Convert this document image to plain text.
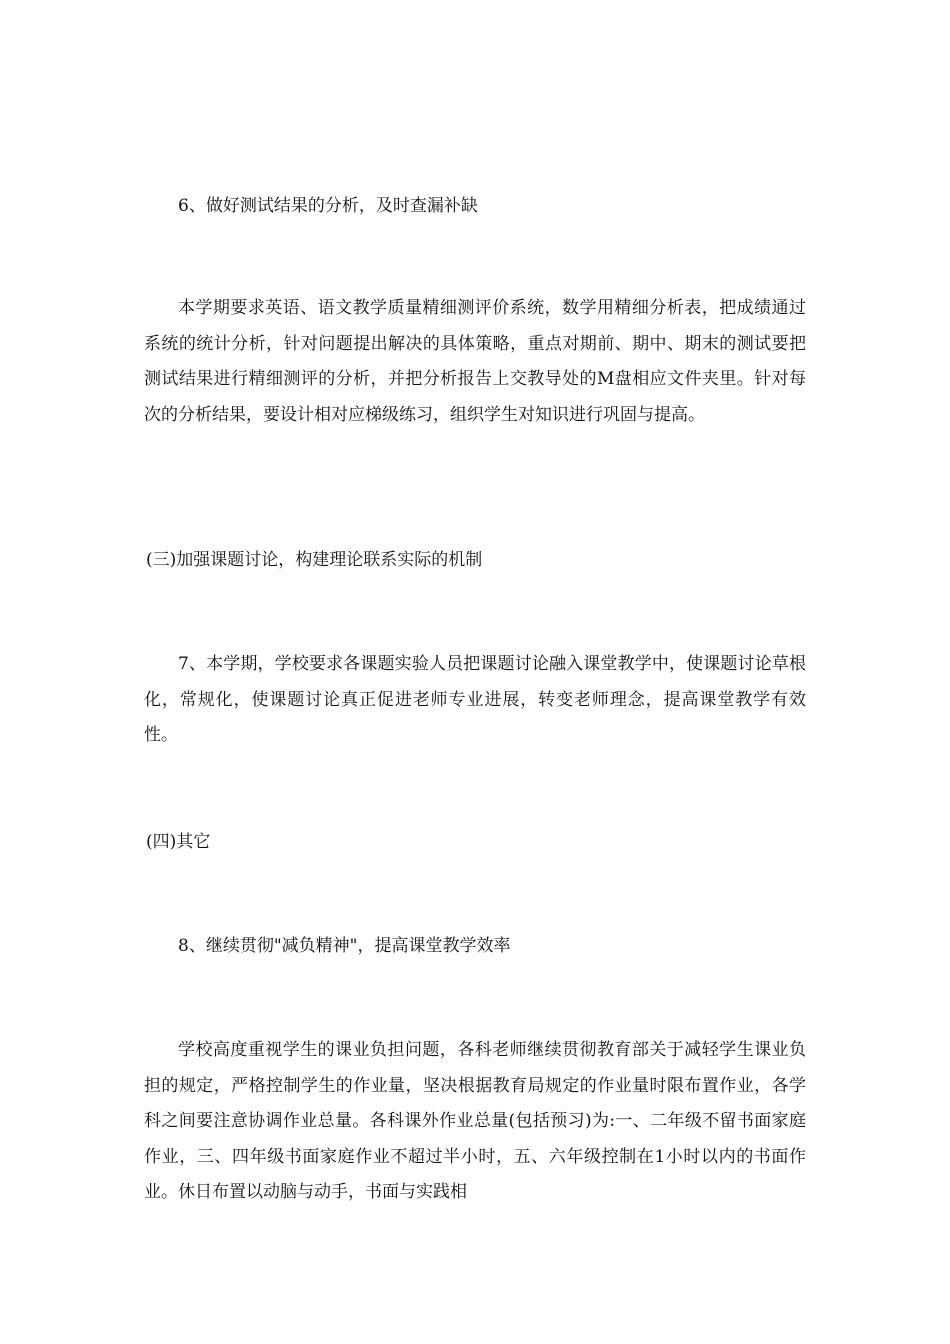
6、做好测试结果的分析，及时查漏补缺

本学期要求英语、语文教学质量精细测评价系统，数学用精细分析表，把成绩通过系统的统计分析，针对问题提出解决的具体策略，重点对期前、期中、期末的测试要把测试结果进行精细测评的分析，并把分析报告上交教导处的M盘相应文件夹里。针对每次的分析结果，要设计相对应梯级练习，组织学生对知识进行巩固与提高。

(三)加强课题讨论，构建理论联系实际的机制

7、本学期，学校要求各课题实验人员把课题讨论融入课堂教学中，使课题讨论草根化，常规化，使课题讨论真正促进老师专业进展，转变老师理念，提高课堂教学有效性。

(四)其它

8、继续贯彻"减负精神"，提高课堂教学效率

学校高度重视学生的课业负担问题，各科老师继续贯彻教育部关于减轻学生课业负担的规定，严格控制学生的作业量，坚决根据教育局规定的作业量时限布置作业，各学科之间要注意协调作业总量。各科课外作业总量(包括预习)为:一、二年级不留书面家庭作业，三、四年级书面家庭作业不超过半小时，五、六年级控制在1小时以内的书面作业。休日布置以动脑与动手，书面与实践相
